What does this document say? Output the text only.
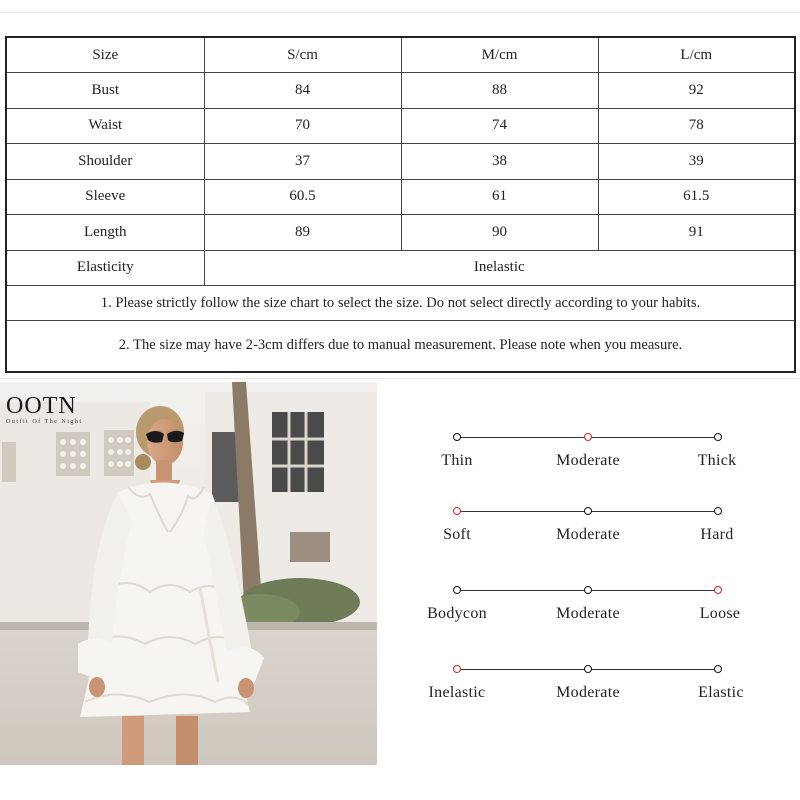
Size	S/cm	M/cm	L/cm
Bust	84	88	92
Waist	70	74	78
Shoulder	37	38	39
Sleeve	60.5	61	61.5
Length	89	90	91
Elasticity	Inelastic		
1. Please strictly follow the size chart to select the size. Do not select directly according to your habits.			
2. The size may have 2-3cm differs due to manual measurement. Please note when you measure.			
OOTN
Outfit Of The Night
Thin	Moderate	Thick
Soft	Moderate	Hard
Bodycon	Moderate	Loose
Inelastic	Moderate	Elastic
